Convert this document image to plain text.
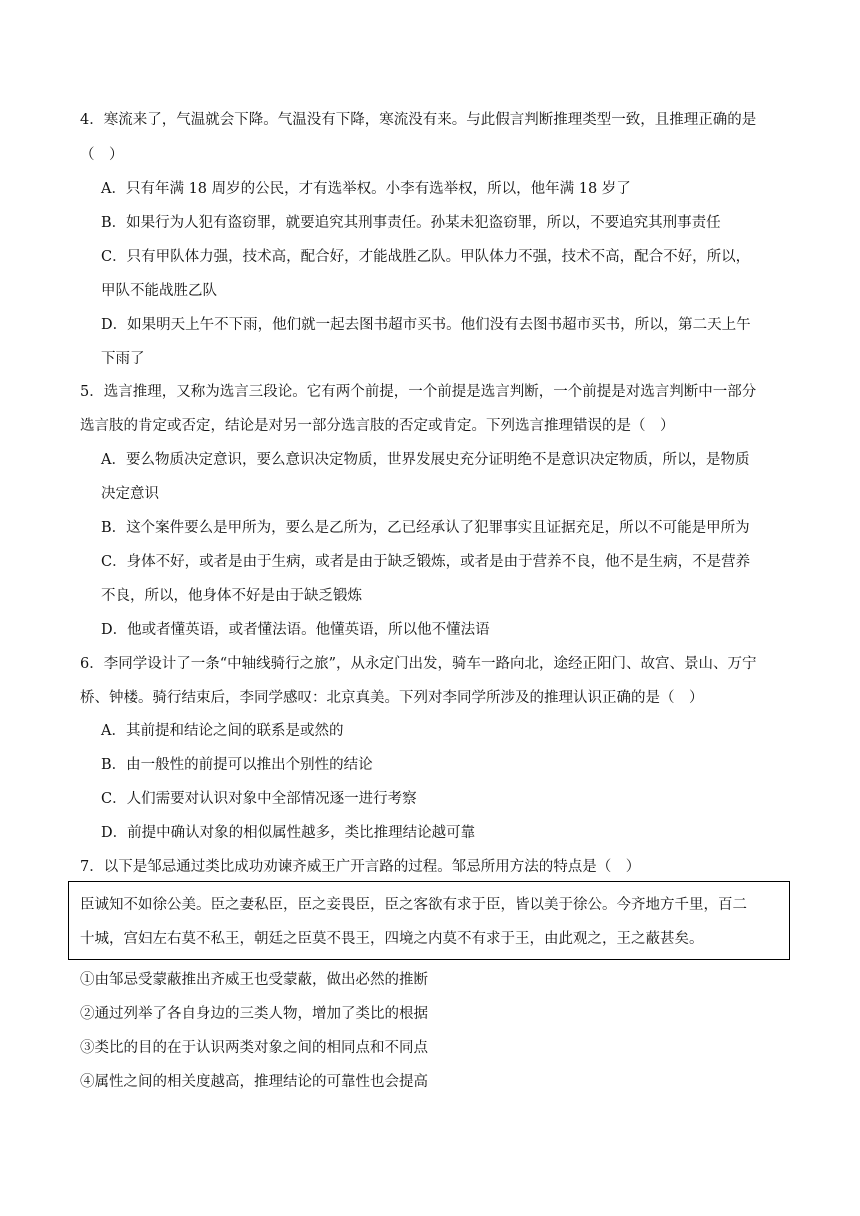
4．寒流来了，气温就会下降。气温没有下降，寒流没有来。与此假言判断推理类型一致，且推理正确的是
（　）
A．只有年满 18 周岁的公民，才有选举权。小李有选举权，所以，他年满 18 岁了
B．如果行为人犯有盗窃罪，就要追究其刑事责任。孙某未犯盗窃罪，所以，不要追究其刑事责任
C．只有甲队体力强，技术高，配合好，才能战胜乙队。甲队体力不强，技术不高，配合不好，所以，
甲队不能战胜乙队
D．如果明天上午不下雨，他们就一起去图书超市买书。他们没有去图书超市买书，所以，第二天上午
下雨了
5．选言推理，又称为选言三段论。它有两个前提，一个前提是选言判断，一个前提是对选言判断中一部分
选言肢的肯定或否定，结论是对另一部分选言肢的否定或肯定。下列选言推理错误的是（　）
A．要么物质决定意识，要么意识决定物质，世界发展史充分证明绝不是意识决定物质，所以，是物质
决定意识
B．这个案件要么是甲所为，要么是乙所为，乙已经承认了犯罪事实且证据充足，所以不可能是甲所为
C．身体不好，或者是由于生病，或者是由于缺乏锻炼，或者是由于营养不良，他不是生病，不是营养
不良，所以，他身体不好是由于缺乏锻炼
D．他或者懂英语，或者懂法语。他懂英语，所以他不懂法语
6．李同学设计了一条“中轴线骑行之旅”，从永定门出发，骑车一路向北，途经正阳门、故宫、景山、万宁
桥、钟楼。骑行结束后，李同学感叹：北京真美。下列对李同学所涉及的推理认识正确的是（　）
A．其前提和结论之间的联系是或然的
B．由一般性的前提可以推出个别性的结论
C．人们需要对认识对象中全部情况逐一进行考察
D．前提中确认对象的相似属性越多，类比推理结论越可靠
7．以下是邹忌通过类比成功劝谏齐威王广开言路的过程。邹忌所用方法的特点是（　）
臣诚知不如徐公美。臣之妻私臣，臣之妾畏臣，臣之客欲有求于臣，皆以美于徐公。今齐地方千里，百二
十城，宫妇左右莫不私王，朝廷之臣莫不畏王，四境之内莫不有求于王，由此观之，王之蔽甚矣。
①由邹忌受蒙蔽推出齐威王也受蒙蔽，做出必然的推断
②通过列举了各自身边的三类人物，增加了类比的根据
③类比的目的在于认识两类对象之间的相同点和不同点
④属性之间的相关度越高，推理结论的可靠性也会提高
